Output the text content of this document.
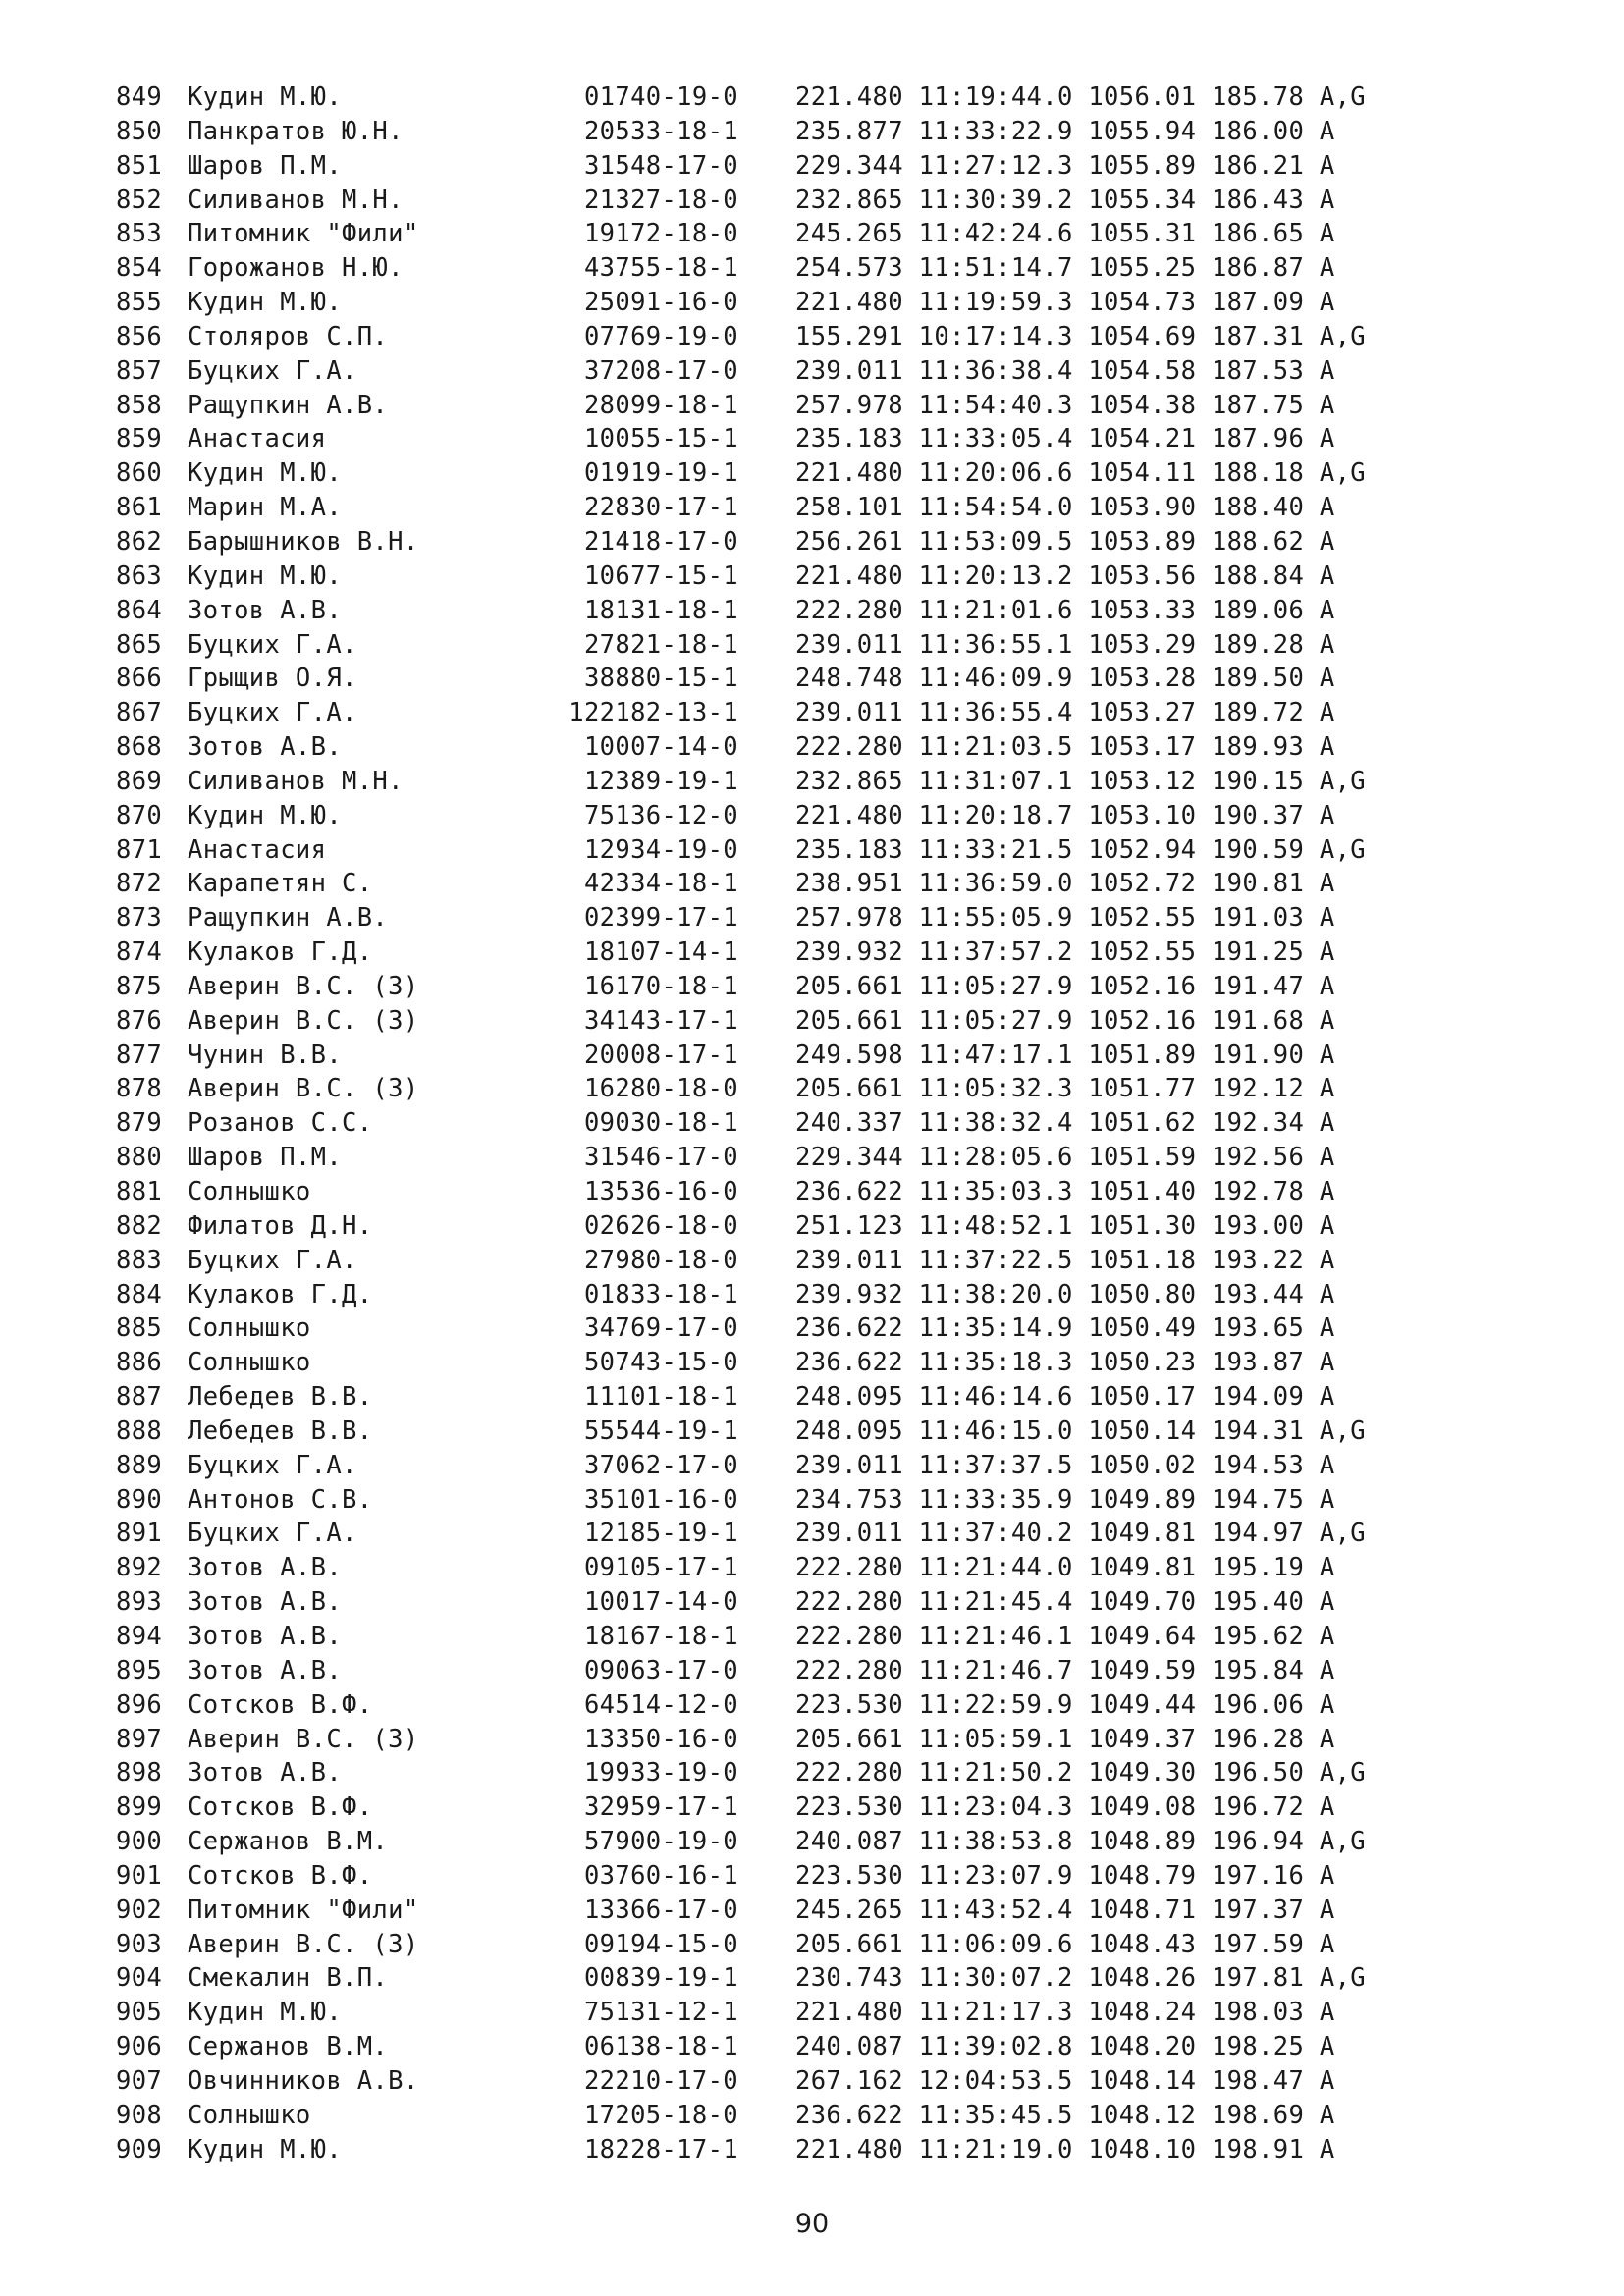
849 Кудин М.Ю.	01740-19-0 221.480 11:19:44.0 1056.01 185.78 A,G
850 Панкратов Ю.Н.	20533-18-1 235.877 11:33:22.9 1055.94 186.00 A
851 Шаров П.М.	31548-17-0 229.344 11:27:12.3 1055.89 186.21 A
852 Силиванов М.Н.	21327-18-0 232.865 11:30:39.2 1055.34 186.43 A
853 Питомник "Фили"	19172-18-0 245.265 11:42:24.6 1055.31 186.65 A
854 Горожанов Н.Ю.	43755-18-1 254.573 11:51:14.7 1055.25 186.87 A
855 Кудин М.Ю.	25091-16-0 221.480 11:19:59.3 1054.73 187.09 A
856 Столяров С.П.	07769-19-0 155.291 10:17:14.3 1054.69 187.31 A,G
857 Буцких Г.А.	37208-17-0 239.011 11:36:38.4 1054.58 187.53 A
858 Ращупкин А.В.	28099-18-1 257.978 11:54:40.3 1054.38 187.75 A
859 Анастасия	10055-15-1 235.183 11:33:05.4 1054.21 187.96 A
860 Кудин М.Ю.	01919-19-1 221.480 11:20:06.6 1054.11 188.18 A,G
861 Марин М.А.	22830-17-1 258.101 11:54:54.0 1053.90 188.40 A
862 Барышников В.Н.	21418-17-0 256.261 11:53:09.5 1053.89 188.62 A
863 Кудин М.Ю.	10677-15-1 221.480 11:20:13.2 1053.56 188.84 A
864 Зотов А.В.	18131-18-1 222.280 11:21:01.6 1053.33 189.06 A
865 Буцких Г.А.	27821-18-1 239.011 11:36:55.1 1053.29 189.28 A
866 Грыщив О.Я.	38880-15-1 248.748 11:46:09.9 1053.28 189.50 A
867 Буцких Г.А.	122182-13-1 239.011 11:36:55.4 1053.27 189.72 A
868 Зотов А.В.	10007-14-0 222.280 11:21:03.5 1053.17 189.93 A
869 Силиванов М.Н.	12389-19-1 232.865 11:31:07.1 1053.12 190.15 A,G
870 Кудин М.Ю.	75136-12-0 221.480 11:20:18.7 1053.10 190.37 A
871 Анастасия	12934-19-0 235.183 11:33:21.5 1052.94 190.59 A,G
872 Карапетян С.	42334-18-1 238.951 11:36:59.0 1052.72 190.81 A
873 Ращупкин А.В.	02399-17-1 257.978 11:55:05.9 1052.55 191.03 A
874 Кулаков Г.Д.	18107-14-1 239.932 11:37:57.2 1052.55 191.25 A
875 Аверин В.С. (З)	16170-18-1 205.661 11:05:27.9 1052.16 191.47 A
876 Аверин В.С. (З)	34143-17-1 205.661 11:05:27.9 1052.16 191.68 A
877 Чунин В.В.	20008-17-1 249.598 11:47:17.1 1051.89 191.90 A
878 Аверин В.С. (З)	16280-18-0 205.661 11:05:32.3 1051.77 192.12 A
879 Розанов С.С.	09030-18-1 240.337 11:38:32.4 1051.62 192.34 A
880 Шаров П.М.	31546-17-0 229.344 11:28:05.6 1051.59 192.56 A
881 Солнышко	13536-16-0 236.622 11:35:03.3 1051.40 192.78 A
882 Филатов Д.Н.	02626-18-0 251.123 11:48:52.1 1051.30 193.00 A
883 Буцких Г.А.	27980-18-0 239.011 11:37:22.5 1051.18 193.22 A
884 Кулаков Г.Д.	01833-18-1 239.932 11:38:20.0 1050.80 193.44 A
885 Солнышко	34769-17-0 236.622 11:35:14.9 1050.49 193.65 A
886 Солнышко	50743-15-0 236.622 11:35:18.3 1050.23 193.87 A
887 Лебедев В.В.	11101-18-1 248.095 11:46:14.6 1050.17 194.09 A
888 Лебедев В.В.	55544-19-1 248.095 11:46:15.0 1050.14 194.31 A,G
889 Буцких Г.А.	37062-17-0 239.011 11:37:37.5 1050.02 194.53 A
890 Антонов С.В.	35101-16-0 234.753 11:33:35.9 1049.89 194.75 A
891 Буцких Г.А.	12185-19-1 239.011 11:37:40.2 1049.81 194.97 A,G
892 Зотов А.В.	09105-17-1 222.280 11:21:44.0 1049.81 195.19 A
893 Зотов А.В.	10017-14-0 222.280 11:21:45.4 1049.70 195.40 A
894 Зотов А.В.	18167-18-1 222.280 11:21:46.1 1049.64 195.62 A
895 Зотов А.В.	09063-17-0 222.280 11:21:46.7 1049.59 195.84 A
896 Сотсков В.Ф.	64514-12-0 223.530 11:22:59.9 1049.44 196.06 A
897 Аверин В.С. (З)	13350-16-0 205.661 11:05:59.1 1049.37 196.28 A
898 Зотов А.В.	19933-19-0 222.280 11:21:50.2 1049.30 196.50 A,G
899 Сотсков В.Ф.	32959-17-1 223.530 11:23:04.3 1049.08 196.72 A
900 Сержанов В.М.	57900-19-0 240.087 11:38:53.8 1048.89 196.94 A,G
901 Сотсков В.Ф.	03760-16-1 223.530 11:23:07.9 1048.79 197.16 A
902 Питомник "Фили"	13366-17-0 245.265 11:43:52.4 1048.71 197.37 A
903 Аверин В.С. (З)	09194-15-0 205.661 11:06:09.6 1048.43 197.59 A
904 Смекалин В.П.	00839-19-1 230.743 11:30:07.2 1048.26 197.81 A,G
905 Кудин М.Ю.	75131-12-1 221.480 11:21:17.3 1048.24 198.03 A
906 Сержанов В.М.	06138-18-1 240.087 11:39:02.8 1048.20 198.25 A
907 Овчинников А.В.	22210-17-0 267.162 12:04:53.5 1048.14 198.47 A
908 Солнышко	17205-18-0 236.622 11:35:45.5 1048.12 198.69 A
909 Кудин М.Ю.	18228-17-1 221.480 11:21:19.0 1048.10 198.91 A
90
